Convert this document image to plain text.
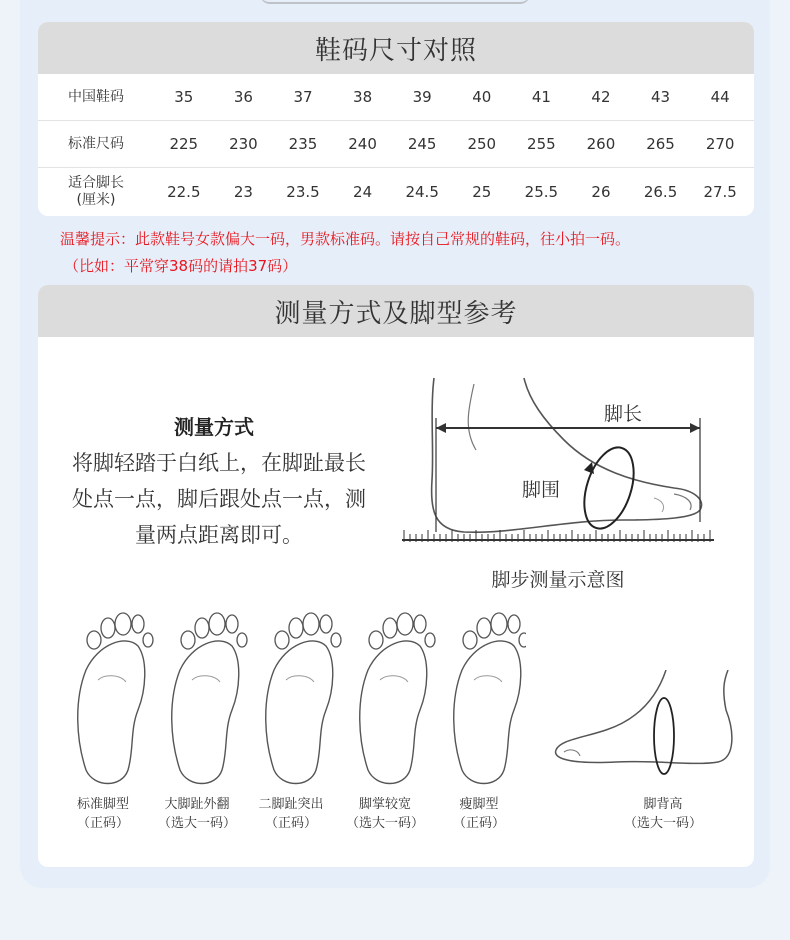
鞋码尺寸对照
中国鞋码	35	36	37	38	39	40	41	42	43	44
标准尺码	225	230	235	240	245	250	255	260	265	270
适合脚长
(厘米)	22.5	23	23.5	24	24.5	25	25.5	26	26.5	27.5
温馨提示：此款鞋号女款偏大一码，男款标准码。请按自己常规的鞋码，往小拍一码。
（比如：平常穿38码的请拍37码）
测量方式及脚型参考
测量方式
将脚轻踏于白纸上，在脚趾最长
处点一点，脚后跟处点一点，测
量两点距离即可。
脚长
脚围
脚步测量示意图
标准脚型
（正码）
大脚趾外翻
（选大一码）
二脚趾突出
（正码）
脚掌较宽
（选大一码）
瘦脚型
（正码）
脚背高
（选大一码）
